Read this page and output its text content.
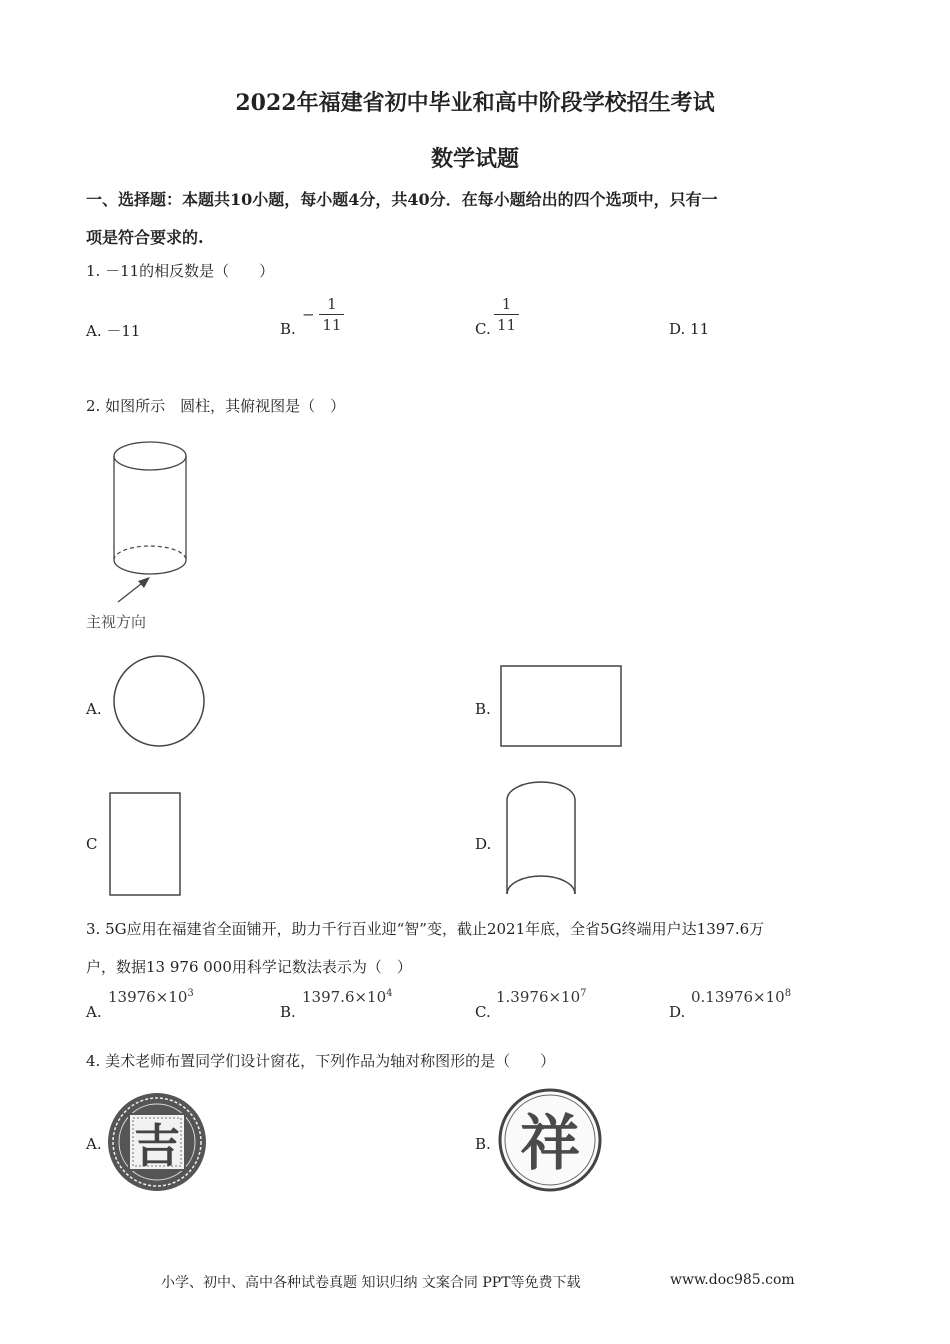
2022年福建省初中毕业和高中阶段学校招生考试
数学试题
一、选择题：本题共10小题，每小题4分，共40分．在每小题给出的四个选项中，只有一
项是符合要求的.
1. －11的相反数是（　　）
A. －11	B.
− $\frac{1}{11}$	C. $\frac{1}{11}$	D. 11
2. 如图所示　圆柱，其俯视图是（　）
主视方向
A.	B.
C	D.
3. 5G应用在福建省全面铺开，助力千行百业迎“智”变，截止2021年底，全省5G终端用户达1397.6万
户，数据13 976 000用科学记数法表示为（　）
A.
$13976\times 10^3$
B.
$1397.6\times 10^4$
C.
$1.3976\times 10^7$
D.
$0.13976\times 10^8$
4. 美术老师布置同学们设计窗花，下列作品为轴对称图形的是（　　）
A. 吉	B. 祥
小学、初中、高中各种试卷真题 知识归纳 文案合同 PPT等免费下载	www.doc985.com
